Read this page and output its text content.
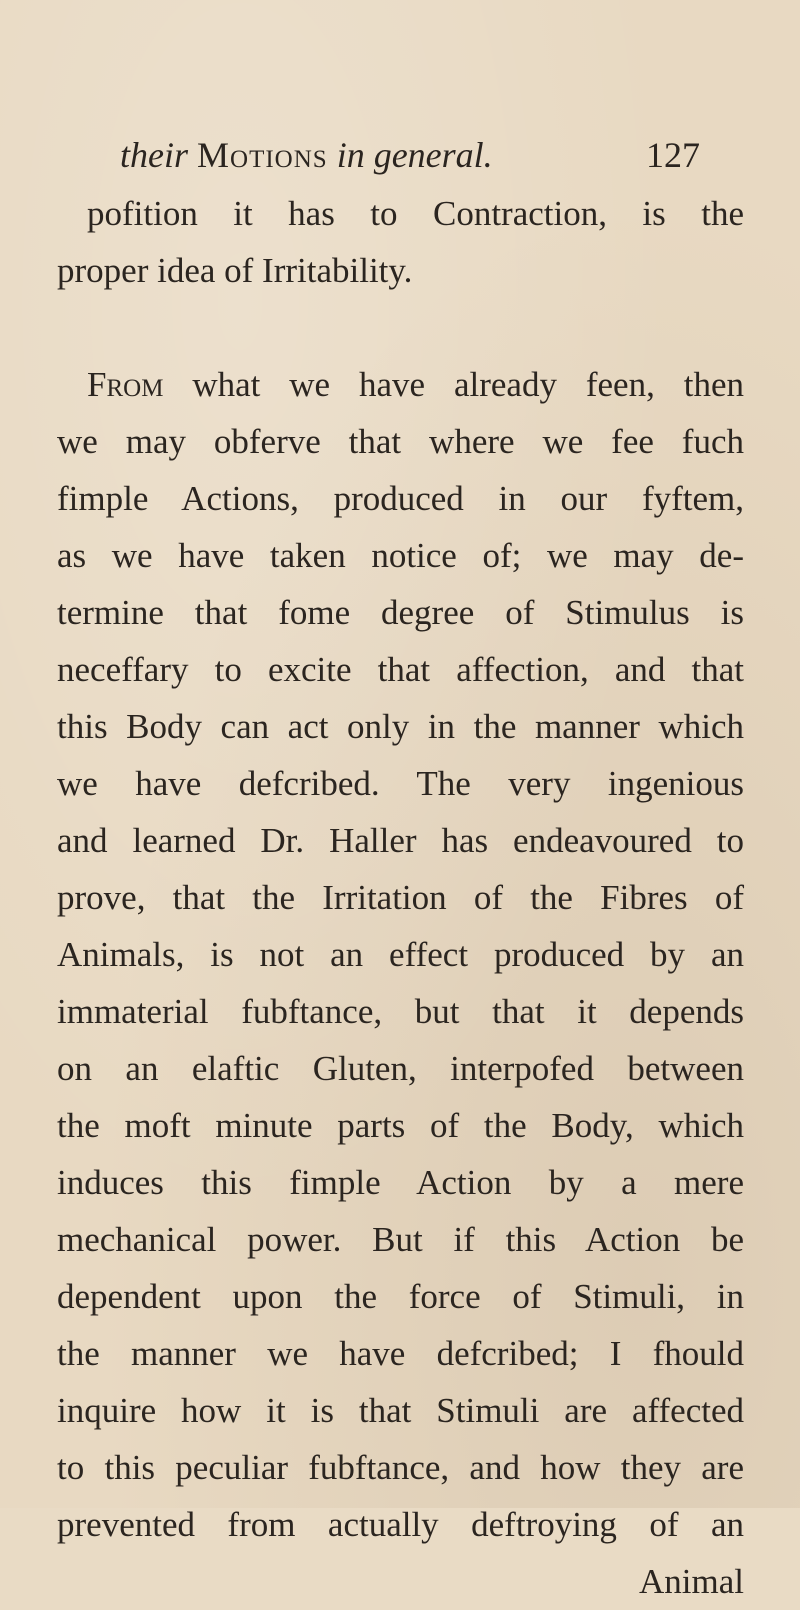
their Motions in general.	127
pofition it has to Contraction, is the
proper idea of Irritability.
From what we have already feen, then
we may obferve that where we fee fuch
fimple Actions, produced in our fyftem,
as we have taken notice of; we may de-
termine that fome degree of Stimulus is
neceffary to excite that affection, and that
this Body can act only in the manner which
we have defcribed. The very ingenious
and learned Dr. Haller has endeavoured to
prove, that the Irritation of the Fibres of
Animals, is not an effect produced by an
immaterial fubftance, but that it depends
on an elaftic Gluten, interpofed between
the moft minute parts of the Body, which
induces this fimple Action by a mere
mechanical power. But if this Action be
dependent upon the force of Stimuli, in
the manner we have defcribed; I fhould
inquire how it is that Stimuli are affected
to this peculiar fubftance, and how they are
prevented from actually deftroying of an
Animal
